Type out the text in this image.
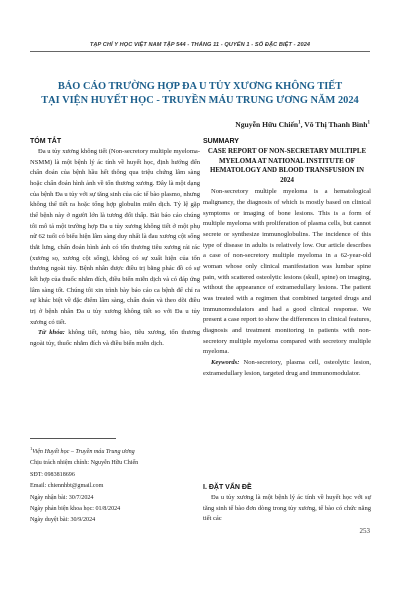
TẠP CHÍ Y HỌC VIỆT NAM TẬP 544 - THÁNG 11 - QUYỂN 1 - SỐ ĐẶC BIỆT - 2024
BÁO CÁO TRƯỜNG HỢP ĐA U TỦY XƯƠNG KHÔNG TIẾT
TẠI VIỆN HUYẾT HỌC - TRUYỀN MÁU TRUNG ƯƠNG NĂM 2024
Nguyễn Hữu Chiến$^1$, Võ Thị Thanh Bình$^1$
TÓM TẮT

Đa u tủy xương không tiết (Non-secretory multiple myeloma-NSMM) là một bệnh lý ác tính về huyết học, định hướng đến chẩn đoán của bệnh hầu hết thông qua triệu chứng lâm sàng hoặc chẩn đoán hình ảnh về tổn thương xương. Đây là một dạng của bệnh Đa u tủy với sự tăng sinh của các tế bào plasmo, nhưng không thể tiết ra hoặc tổng hợp globulin miễn dịch. Tỷ lệ gặp thể bệnh này ở người lớn là tương đối thấp. Bài báo cáo chúng tôi mô tả một trường hợp Đa u tủy xương không tiết ở một phụ nữ 62 tuổi có biểu hiện lâm sàng duy nhất là đau xương cột sống thắt lưng, chẩn đoán hình ảnh có tổn thương tiêu xương rải rác (xương sọ, xương cột sống), không có sự xuất hiện của tổn thương ngoài tủy. Bệnh nhân được điều trị bằng phác đồ có sự kết hợp của thuốc nhắm đích, điều biến miễn dịch và có đáp ứng lâm sàng tốt. Chúng tôi xin trình bày báo cáo ca bệnh để chỉ ra sự khác biệt về đặc điểm lâm sàng, chẩn đoán và theo dõi điều trị ở bệnh nhân Đa u tủy xương không tiết so với Đa u tủy xương có tiết.

Từ khóa: không tiết, tương bào, tiêu xương, tổn thương ngoài tủy, thuốc nhắm đích và điều biến miễn dịch.

$^1$Viện Huyết học – Truyền máu Trung ương
Chịu trách nhiệm chính: Nguyễn Hữu Chiến
SĐT: 0983818696
Email: chiennhbt@gmail.com
Ngày nhận bài: 30/7/2024
Ngày phản biện khoa học: 01/8/2024
Ngày duyệt bài: 30/9/2024
SUMMARY
CASE REPORT OF NON-SECRETARY MULTIPLE MYELOMA AT NATIONAL INSTITUTE OF HEMATOLOGY AND BLOOD TRANSFUSION IN 2024

Non-secretory multiple myeloma is a hematological malignancy, the diagnosis of which is mostly based on clinical symptoms or imaging of bone lesions. This is a form of multiple myeloma with proliferation of plasma cells, but cannot secrete or synthesize immunoglobulins. The incidence of this type of disease in adults is relatively low. Our article describes a case of non-secretory multiple myeloma in a 62-year-old woman whose only clinical manifestation was lumbar spine pain, with scattered osteolytic lesions (skull, spine) on imaging, without the appearance of extramedullary lesions. The patient was treated with a regimen that combined targeted drugs and immunomodulators and had a good clinical response. We present a case report to show the differences in clinical features, diagnosis and treatment monitoring in patients with non-secretory multiple myeloma compared with secretory multiple myeloma.

Keywords: Non-secretory, plasma cell, osteolytic lesion, extramedullary lesion, targeted drug and immunomodulator.

I. ĐẶT VẤN ĐỀ

Đa u tủy xương là một bệnh lý ác tính về huyết học với sự tăng sinh tế bào đơn dòng trong tủy xương, tế bào có chức năng tiết các

253
